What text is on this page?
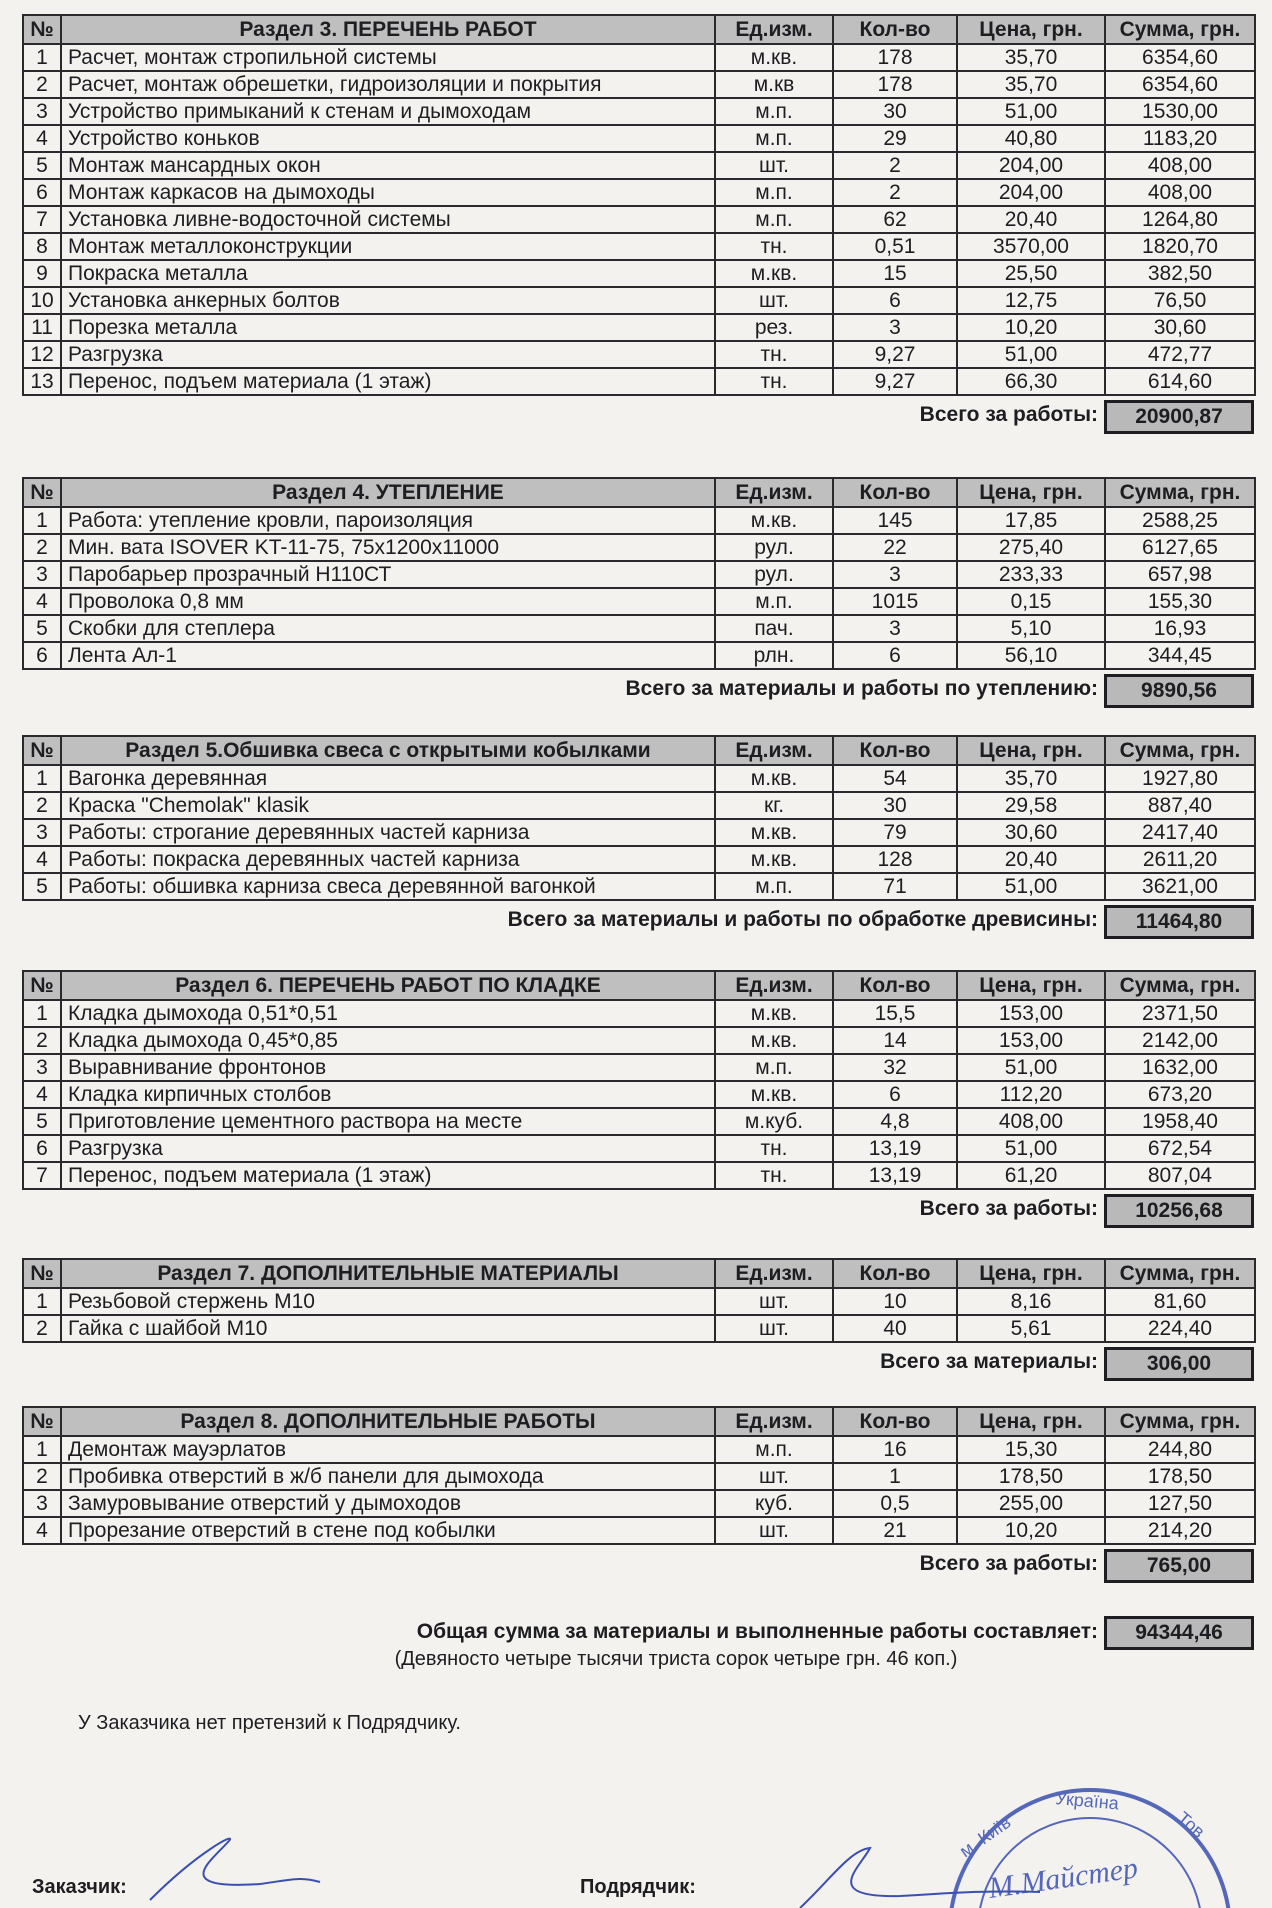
№	Раздел 3. ПЕРЕЧЕНЬ РАБОТ	Ед.изм.	Кол-во	Цена, грн.	Сумма, грн.
1	Расчет, монтаж стропильной системы	м.кв.	178	35,70	6354,60
2	Расчет, монтаж обрешетки, гидроизоляции и покрытия	м.кв	178	35,70	6354,60
3	Устройство примыканий к стенам и дымоходам	м.п.	30	51,00	1530,00
4	Устройство коньков	м.п.	29	40,80	1183,20
5	Монтаж мансардных окон	шт.	2	204,00	408,00
6	Монтаж каркасов на дымоходы	м.п.	2	204,00	408,00
7	Установка ливне-водосточной системы	м.п.	62	20,40	1264,80
8	Монтаж металлоконструкции	тн.	0,51	3570,00	1820,70
9	Покраска металла	м.кв.	15	25,50	382,50
10	Установка анкерных болтов	шт.	6	12,75	76,50
11	Порезка металла	рез.	3	10,20	30,60
12	Разгрузка	тн.	9,27	51,00	472,77
13	Перенос, подъем материала (1 этаж)	тн.	9,27	66,30	614,60
Всего за работы:	20900,87
№	Раздел 4. УТЕПЛЕНИЕ	Ед.изм.	Кол-во	Цена, грн.	Сумма, грн.
1	Работа: утепление кровли, пароизоляция	м.кв.	145	17,85	2588,25
2	Мин. вата ISOVER KT-11-75, 75x1200x11000	рул.	22	275,40	6127,65
3	Паробарьер прозрачный Н110СТ	рул.	3	233,33	657,98
4	Проволока 0,8 мм	м.п.	1015	0,15	155,30
5	Скобки для степлера	пач.	3	5,10	16,93
6	Лента Ал-1	рлн.	6	56,10	344,45
Всего за материалы и работы по утеплению:	9890,56
№	Раздел 5.Обшивка свеса с открытыми кобылками	Ед.изм.	Кол-во	Цена, грн.	Сумма, грн.
1	Вагонка деревянная	м.кв.	54	35,70	1927,80
2	Краска "Chemolak" klasik	кг.	30	29,58	887,40
3	Работы: строгание деревянных частей карниза	м.кв.	79	30,60	2417,40
4	Работы: покраска деревянных частей карниза	м.кв.	128	20,40	2611,20
5	Работы: обшивка карниза свеса деревянной вагонкой	м.п.	71	51,00	3621,00
Всего за материалы и работы по обработке древисины:	11464,80
№	Раздел 6. ПЕРЕЧЕНЬ РАБОТ ПО КЛАДКЕ	Ед.изм.	Кол-во	Цена, грн.	Сумма, грн.
1	Кладка дымохода 0,51*0,51	м.кв.	15,5	153,00	2371,50
2	Кладка дымохода 0,45*0,85	м.кв.	14	153,00	2142,00
3	Выравнивание фронтонов	м.п.	32	51,00	1632,00
4	Кладка кирпичных столбов	м.кв.	6	112,20	673,20
5	Приготовление цементного раствора на месте	м.куб.	4,8	408,00	1958,40
6	Разгрузка	тн.	13,19	51,00	672,54
7	Перенос, подъем материала (1 этаж)	тн.	13,19	61,20	807,04
Всего за работы:	10256,68
№	Раздел 7. ДОПОЛНИТЕЛЬНЫЕ МАТЕРИАЛЫ	Ед.изм.	Кол-во	Цена, грн.	Сумма, грн.
1	Резьбовой стержень М10	шт.	10	8,16	81,60
2	Гайка с шайбой М10	шт.	40	5,61	224,40
Всего за материалы:	306,00
№	Раздел 8. ДОПОЛНИТЕЛЬНЫЕ РАБОТЫ	Ед.изм.	Кол-во	Цена, грн.	Сумма, грн.
1	Демонтаж мауэрлатов	м.п.	16	15,30	244,80
2	Пробивка отверстий в ж/б панели для дымохода	шт.	1	178,50	178,50
3	Замуровывание отверстий у дымоходов	куб.	0,5	255,00	127,50
4	Прорезание отверстий в стене под кобылки	шт.	21	10,20	214,20
Всего за работы:	765,00
Общая сумма за материалы и выполненные работы составляет:	94344,46
(Девяносто четыре тысячи триста сорок четыре грн. 46 коп.)
У Заказчика нет претензий к Подрядчику.
м. Київ
Україна
Тов
М.Майстер
Заказчик:	Подрядчик:
